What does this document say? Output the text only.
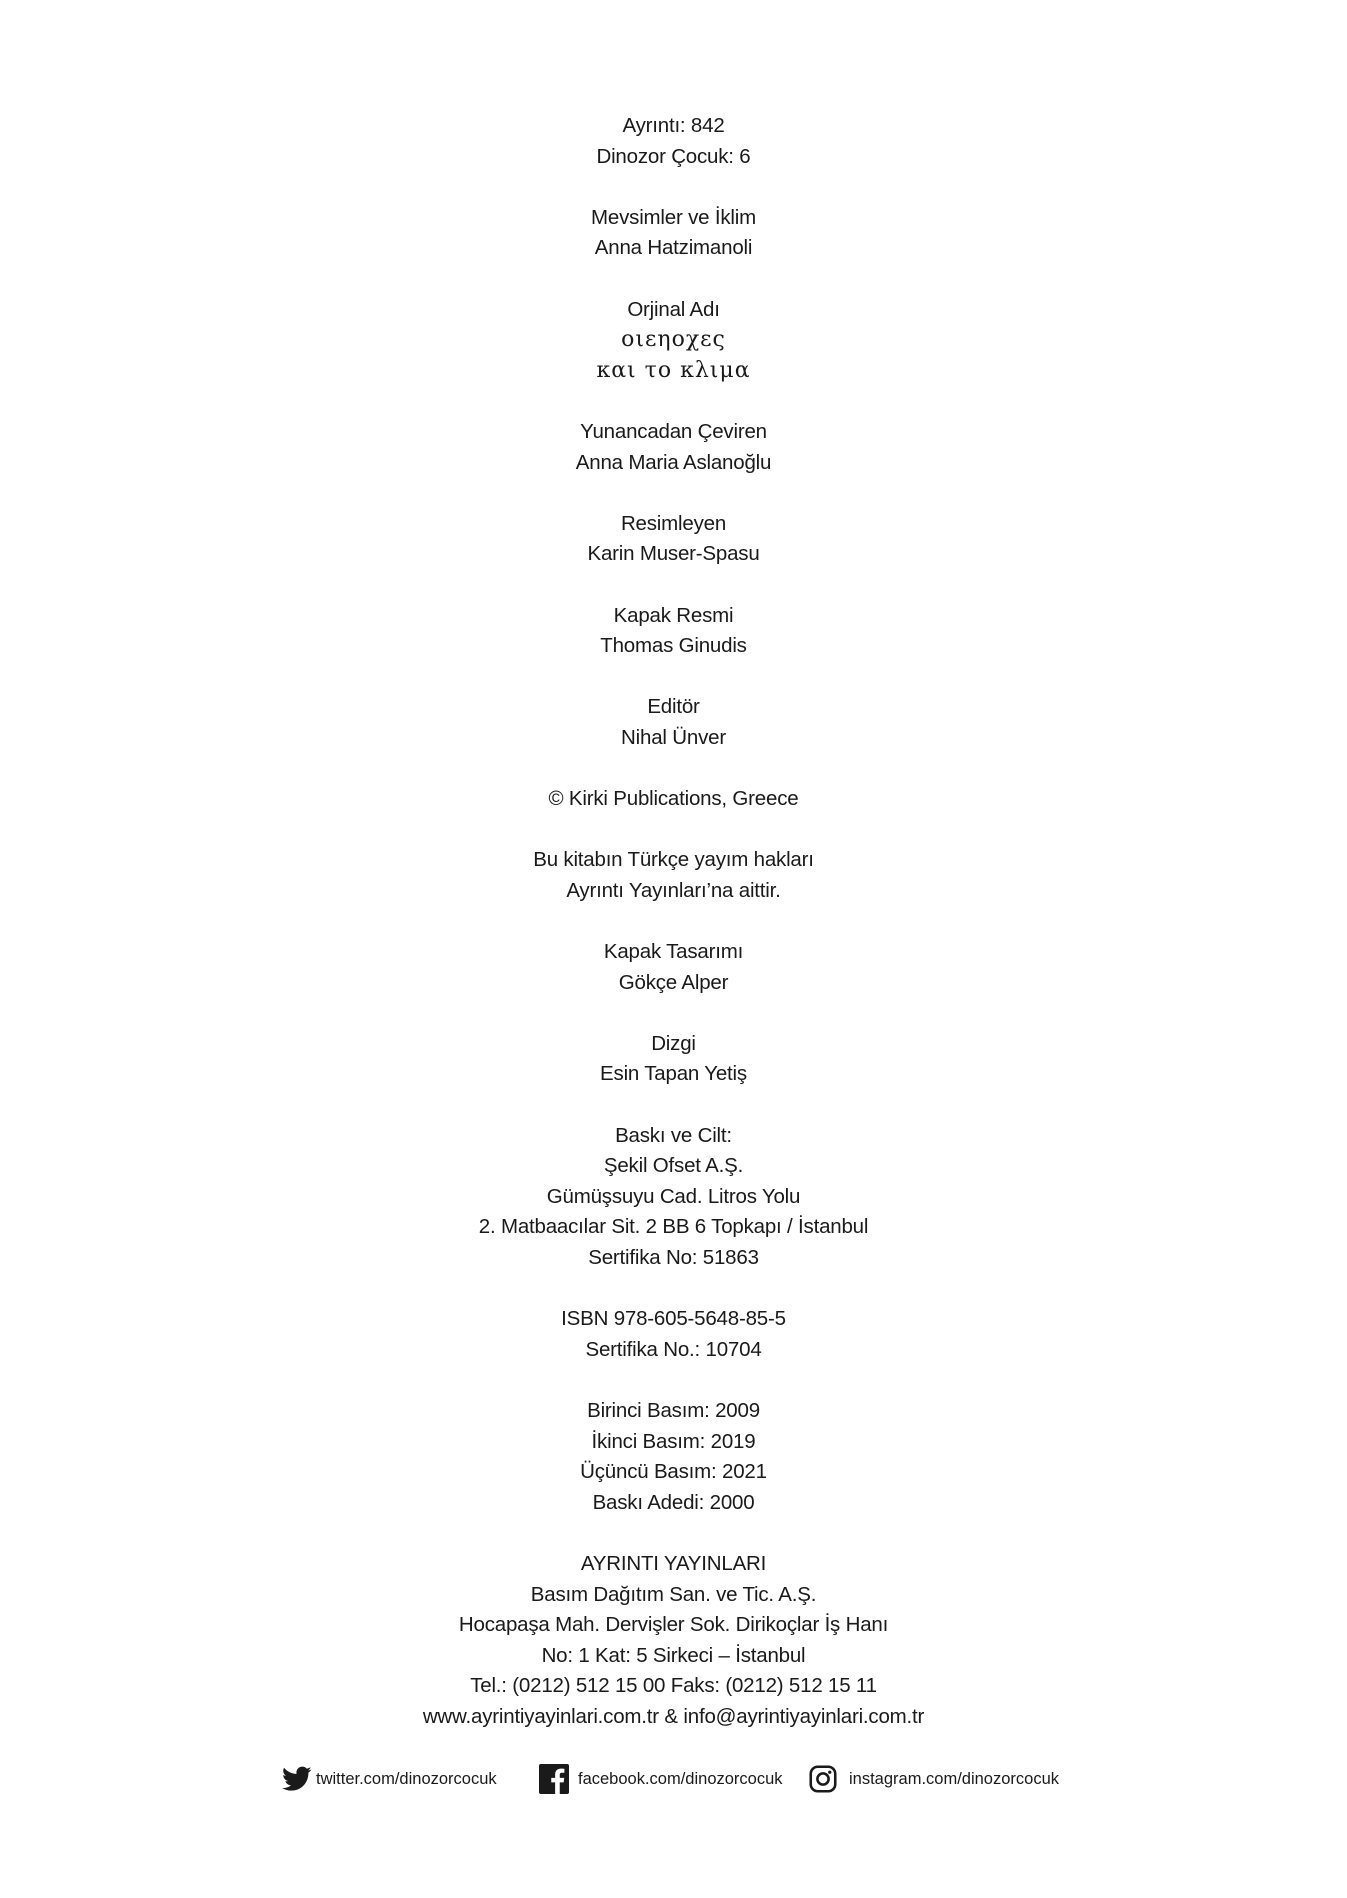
Ayrıntı: 842
Dinozor Çocuk: 6
Mevsimler ve İklim
Anna Hatzimanoli
Orjinal Adı
οιεηοχες
και το κλιμα
Yunancadan Çeviren
Anna Maria Aslanoğlu
Resimleyen
Karin Muser-Spasu
Kapak Resmi
Thomas Ginudis
Editör
Nihal Ünver
© Kirki Publications, Greece
Bu kitabın Türkçe yayım hakları
Ayrıntı Yayınları’na aittir.
Kapak Tasarımı
Gökçe Alper
Dizgi
Esin Tapan Yetiş
Baskı ve Cilt:
Şekil Ofset A.Ş.
Gümüşsuyu Cad. Litros Yolu
2. Matbaacılar Sit. 2 BB 6 Topkapı / İstanbul
Sertifika No: 51863
ISBN 978-605-5648-85-5
Sertifika No.: 10704
Birinci Basım: 2009
İkinci Basım: 2019
Üçüncü Basım: 2021
Baskı Adedi: 2000
AYRINTI YAYINLARI
Basım Dağıtım San. ve Tic. A.Ş.
Hocapaşa Mah. Dervişler Sok. Dirikoçlar İş Hanı
No: 1 Kat: 5 Sirkeci – İstanbul
Tel.: (0212) 512 15 00 Faks: (0212) 512 15 11
www.ayrintiyayinlari.com.tr & info@ayrintiyayinlari.com.tr
twitter.com/dinozorcocuk	facebook.com/dinozorcocuk	instagram.com/dinozorcocuk
